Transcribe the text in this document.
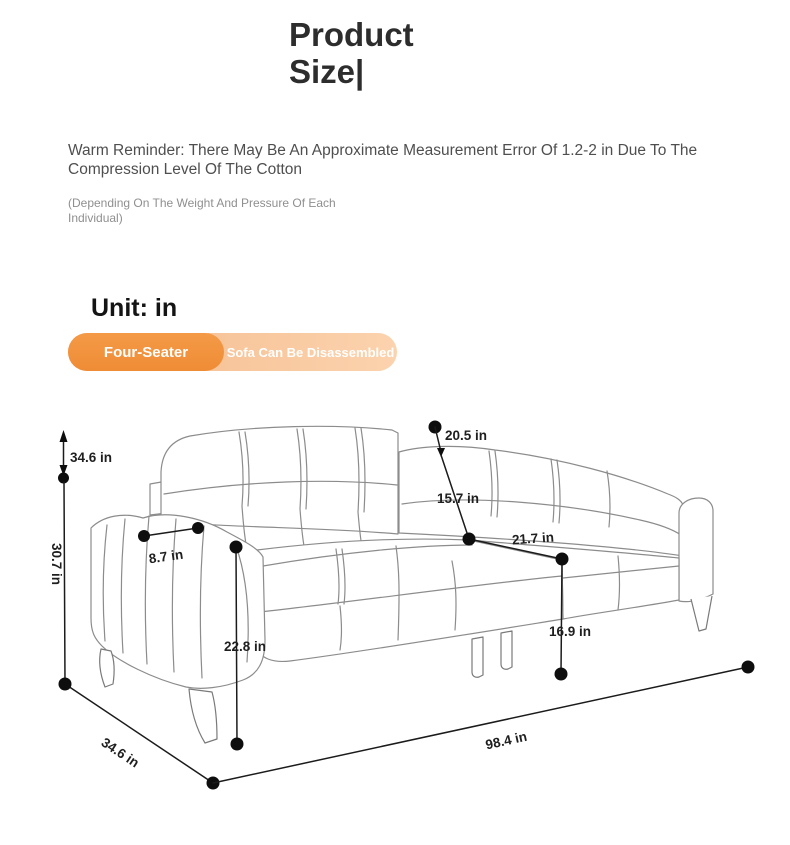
Product
Size|
Warm Reminder: There May Be An Approximate Measurement Error Of 1.2-2 in Due To The Compression Level Of The Cotton
(Depending On The Weight And Pressure Of Each Individual)
Unit: in
Four-Seater	Sofa Can Be Disassembled
34.6 in
30.7 in	8.7 in
20.5 in
15.7 in
21.7 in
16.9 in
22.8 in
34.6 in	98.4 in
